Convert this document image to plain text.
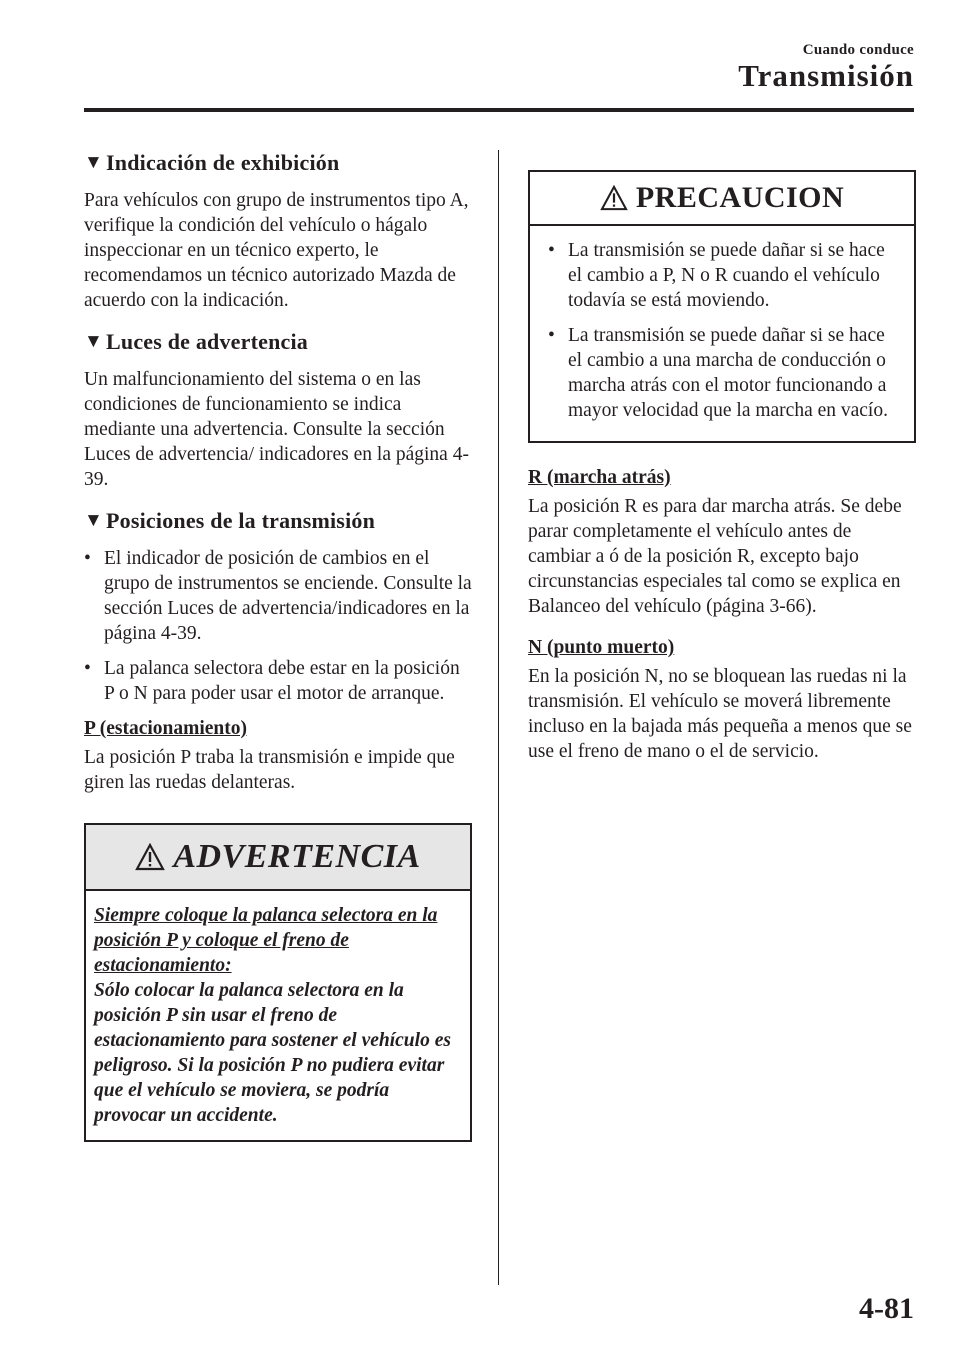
Cuando conduce
Transmisión
▼ Indicación de exhibición

Para vehículos con grupo de instrumentos tipo A, verifique la condición del vehículo o hágalo inspeccionar en un técnico experto, le recomendamos un técnico autorizado Mazda de acuerdo con la indicación.

▼ Luces de advertencia

Un malfuncionamiento del sistema o en las condiciones de funcionamiento se indica mediante una advertencia. Consulte la sección Luces de advertencia/ indicadores en la página 4-39.

▼ Posiciones de la transmisión
• El indicador de posición de cambios en el grupo de instrumentos se enciende. Consulte la sección Luces de advertencia/indicadores en la página 4-39.
• La palanca selectora debe estar en la posición P o N para poder usar el motor de arranque.
P (estacionamiento)

La posición P traba la transmisión e impide que giren las ruedas delanteras.

ADVERTENCIA
Siempre coloque la palanca selectora en la posición P y coloque el freno de estacionamiento:
Sólo colocar la palanca selectora en la posición P sin usar el freno de estacionamiento para sostener el vehículo es peligroso. Si la posición P no pudiera evitar que el vehículo se moviera, se podría provocar un accidente.
PRECAUCION
• La transmisión se puede dañar si se hace el cambio a P, N o R cuando el vehículo todavía se está moviendo.
• La transmisión se puede dañar si se hace el cambio a una marcha de conducción o marcha atrás con el motor funcionando a mayor velocidad que la marcha en vacío.
R (marcha atrás)

La posición R es para dar marcha atrás. Se debe parar completamente el vehículo antes de cambiar a ó de la posición R, excepto bajo circunstancias especiales tal como se explica en Balanceo del vehículo (página 3-66).

N (punto muerto)

En la posición N, no se bloquean las ruedas ni la transmisión. El vehículo se moverá libremente incluso en la bajada más pequeña a menos que se use el freno de mano o el de servicio.

4-81
